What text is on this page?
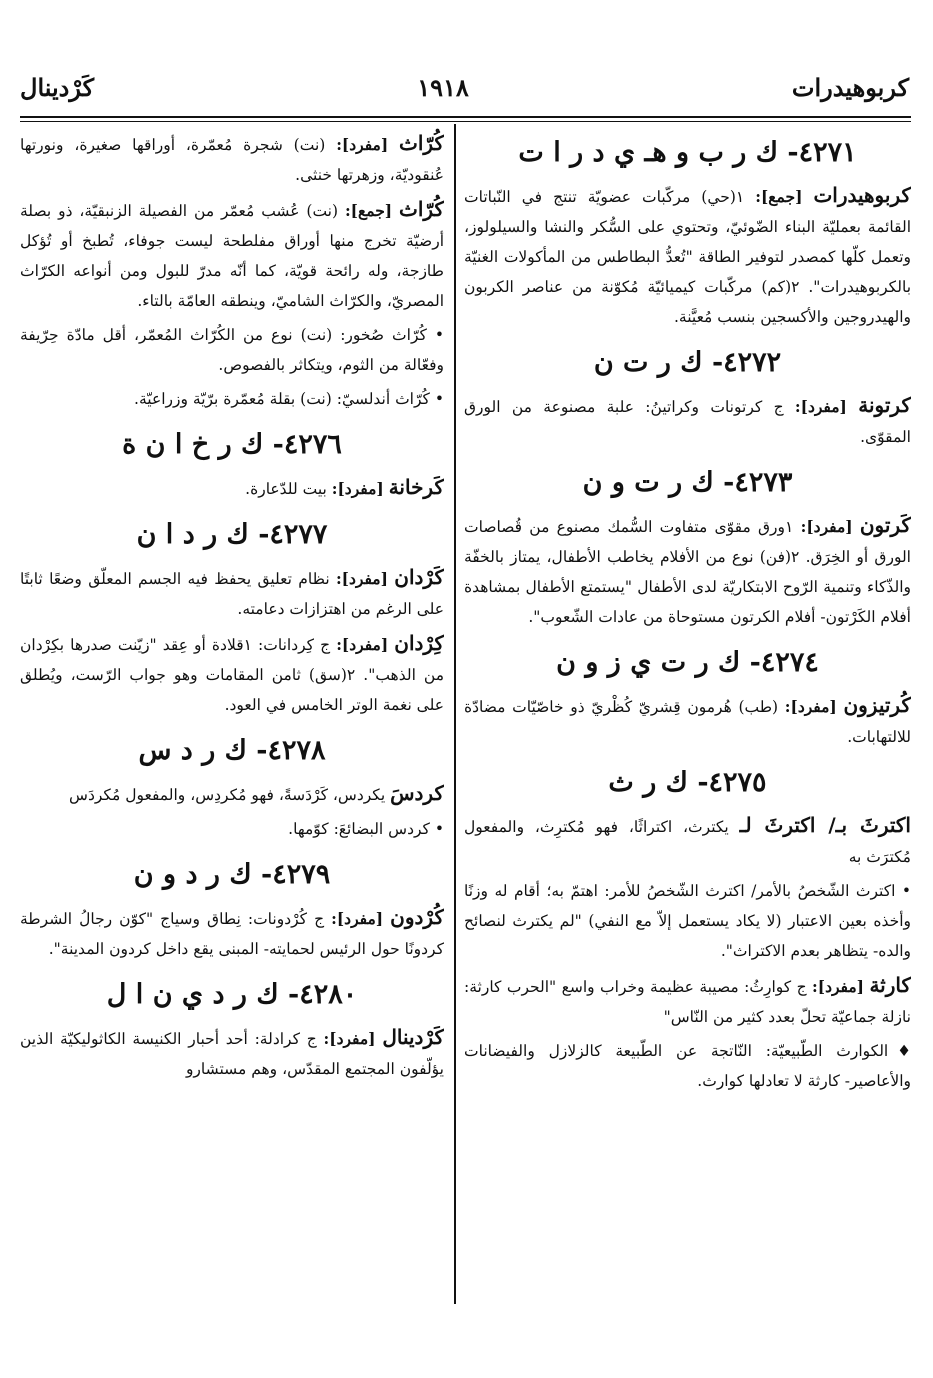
كربوهيدرات
١٩١٨
كَرْدينال
٤٢٧١- ك ر ب و هـ ي د ر ا ت
كربوهيدرات [جمع]: ١(حي) مركّبات عضويّة تنتج في النّباتات القائمة بعمليّة البناء الضّوئيّ، وتحتوي على السُّكر والنشا والسيلولوز، وتعمل كلّها كمصدر لتوفير الطاقة "تُعدُّ البطاطس من المأكولات الغنيّة بالكربوهيدرات". ٢(كم) مركّبات كيميائيّة مُكوّنة من عناصر الكربون والهيدروجين والأكسجين بنسب مُعيَّنة.
٤٢٧٢- ك ر ت ن
كرتونة [مفرد]: ج كرتونات وكراتينُ: علبة مصنوعة من الورق المقوّى.
٤٢٧٣- ك ر ت و ن
كَرتون [مفرد]: ١ورق مقوّى متفاوت السُّمك مصنوع من قُصاصات الورق أو الخِرَق. ٢(فن) نوع من الأفلام يخاطب الأطفال، يمتاز بالخفّة والذّكاء وتنمية الرّوح الابتكاريّة لدى الأطفال "يستمتع الأطفال بمشاهدة أفلام الكَرْتون- أفلام الكرتون مستوحاة من عادات الشّعوب".
٤٢٧٤- ك ر ت ي ز و ن
كُرتيزون [مفرد]: (طب) هُرمون قِشريّ كُظْريّ ذو خاصّيّات مضادّة للالتهابات.
٤٢٧٥- ك ر ث
اكترثَ بـ/ اكترثَ لـ يكترث، اكتراثًا، فهو مُكترِث، والمفعول مُكترَث به
• اكترث الشّخصُ بالأمر/ اكترث الشّخصُ للأمر: اهتمّ به؛ أقام له وزنًا وأخذه بعين الاعتبار (لا يكاد يستعمل إلاّ مع النفي) "لم يكترث لنصائح والده- يتظاهر بعدم الاكتراث".
كارثة [مفرد]: ج كوارِثُ: مصيبة عظيمة وخراب واسع "الحرب كارثة: نازلة جماعيّة تحلّ بعدد كثير من النّاس"
♦الكوارث الطّبيعيّة: النّاتجة عن الطّبيعة كالزلازل والفيضانات والأعاصير- كارثة لا تعادلها كوارث.
كُرّاث [مفرد]: (نت) شجرة مُعمّرة، أوراقها صغيرة، ونورتها عُنقوديّة، وزهرتها خنثى.
كُرّاث [جمع]: (نت) عُشب مُعمّر من الفصيلة الزنبقيّة، ذو بصلة أرضيّة تخرج منها أوراق مفلطحة ليست جوفاء، تُطبخ أو تُؤكل طازجة، وله رائحة قويّة، كما أنّه مدرّ للبول ومن أنواعه الكرّاث المصريّ، والكرّاث الشاميّ، وينطقه العامّة بالتاء.
• كُرّاث صُخور: (نت) نوع من الكُرّاث المُعمّر، أقل مادّة حِرّيفة وفعّالة من الثوم، ويتكاثر بالفصوص.
• كُرّاث أندلسيّ: (نت) بقلة مُعمّرة برّيّة وزراعيّة.
٤٢٧٦- ك ر خ ا ن ة
كَرخانة [مفرد]: بيت للدّعارة.
٤٢٧٧- ك ر د ا ن
كَرْدان [مفرد]: نظام تعليق يحفظ فيه الجسم المعلّق وضعًا ثابتًا على الرغم من اهتزازات دعامته.
كِرْدان [مفرد]: ج كِردانات: ١قلادة أو عِقد "زيّنت صدرها بكِرْدان من الذهب". ٢(سق) ثامن المقامات وهو جواب الرّست، ويُطلق على نغمة الوتر الخامس في العود.
٤٢٧٨- ك ر د س
كردسَ يكردس، كَرْدَسةً، فهو مُكردِس، والمفعول مُكردَس
• كردس البضائعَ: كوّمها.
٤٢٧٩- ك ر د و ن
كُرْدون [مفرد]: ج كُرْدونات: نِطاق وسياج "كوّن رجالُ الشرطة كردونًا حول الرئيس لحمايته- المبنى يقع داخل كردون المدينة".
٤٢٨٠- ك ر د ي ن ا ل
كَرْدينال [مفرد]: ج كرادلة: أحد أحبار الكنيسة الكاثوليكيّة الذين يؤلّفون المجتمع المقدّس، وهم مستشارو
